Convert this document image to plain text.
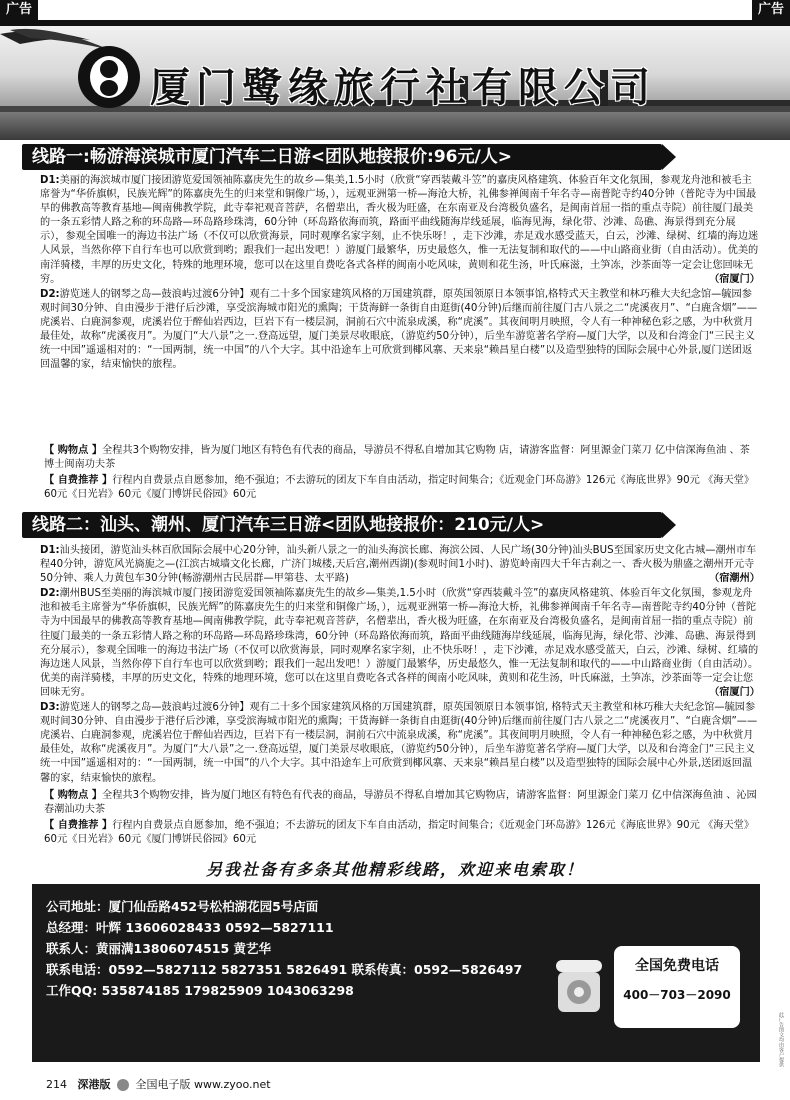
广告	广告
厦门鹭缘旅行社有限公司
线路一:畅游海滨城市厦门汽车二日游<团队地接报价:96元/人>
D1:美丽的海滨城市厦门接团游览爱国领袖陈嘉庚先生的故乡—集美,1.5小时（欣赏“穿西装戴斗笠”的嘉庚风格建筑、体验百年文化氛围，参观龙舟池和被毛主席誉为“华侨旗帜，民族光辉”的陈嘉庚先生的归来堂和铜像广场，），远观亚洲第一桥—海沧大桥，礼佛参禅闽南千年名寺—南普陀寺约40分钟（普陀寺为中国最早的佛教高等教育基地—闽南佛教学院，此寺奉祀观音菩萨，名僧辈出，香火极为旺盛，在东南亚及台湾极负盛名，是闽南首屈一指的重点寺院）前往厦门最美的一条五彩情人路之称的环岛路—环岛路珍珠湾，60分钟（环岛路依海而筑，路面平曲线随海岸线延展，临海见海，绿化带、沙滩、岛礁、海景得到充分展示），参观全国唯一的海边书法广场（不仅可以欣赏海景，同时观摩名家字刻，止不快乐呀！，走下沙滩，赤足戏水感受蓝天，白云，沙滩、绿树、红墙的海边迷人风景，当然你停下自行车也可以欣赏到哟；跟我们一起出发吧！）游厦门最繁华，历史最悠久，惟一无法复制和取代的——中山路商业街（自由活动）。优美的南洋骑楼，丰厚的历史文化，特殊的地理环境，您可以在这里自费吃各式各样的闽南小吃风味，黄则和花生汤，叶氏麻滋，土笋冻，沙茶面等一定会让您回味无穷。	（宿厦门）
D2:游览迷人的钢琴之岛—鼓浪屿过渡6分钟】观有二十多个国家建筑风格的万国建筑群，原英国领原日本领事馆,格特式天主教堂和林巧稚大夫纪念馆—毓园参观时间30分钟、自由漫步于港仔后沙滩，享受滨海城市阳光的熏陶；干货海鲜一条街自由逛街(40分钟)后继而前往厦门古八景之二“虎溪夜月”、“白鹿含烟”——虎溪岩、白鹿洞参观，虎溪岩位于醉仙岩西边，巨岩下有一楼层洞，洞前石穴中流泉成溪，称“虎溪”。其夜间明月映照，令人有一种神秘色彩之感，为中秋赏月最佳处，故称“虎溪夜月”。为厦门“大八景”之一.登高远望，厦门美景尽收眼底，（游览约50分钟），后坐车游览著名学府—厦门大学，以及和台湾金门“三民主义统一中国”遥遥相对的：“一国两制，统一中国”的八个大字。其中沿途车上可欣赏到椰风寨、天来泉“赖昌星白楼”以及造型独特的国际会展中心外景,厦门送团返回温馨的家，结束愉快的旅程。
【 购物点 】全程共3个购物安排，皆为厦门地区有特色有代表的商品，导游员不得私自增加其它购物 店，请游客监督：阿里源金门菜刀 亿中信深海鱼油 、茶博士闽南功夫茶
【 自费推荐 】行程内自费景点自愿参加，绝不强迫；不去游玩的团友下车自由活动，指定时间集合；《近观金门环岛游》126元《海底世界》90元 《海天堂》60元《日光岩》60元《厦门博饼民俗园》60元
线路二：汕头、潮州、厦门汽车三日游<团队地接报价：210元/人>
D1:汕头接团，游览汕头林百欣国际会展中心20分钟，汕头新八景之一的汕头海滨长廊、海滨公园、人民广场(30分钟)汕头BUS至国家历史文化古城—潮州市车程40分钟，游览风光旖旎之—(江滨古城墙文化长廊，广济门城楼,天后宫,潮州西湖)(参观时间1小时)、游览岭南四大千年古刹之一、香火极为鼎盛之潮州开元寺50分钟、乘人力黄包车30分钟(畅游潮州古民居群—甲第巷、太平路)	（宿潮州）
D2:潮州BUS至美丽的海滨城市厦门接团游览爱国领袖陈嘉庚先生的故乡—集美,1.5小时（欣赏“穿西装戴斗笠”的嘉庚风格建筑、体验百年文化氛围，参观龙舟池和被毛主席誉为“华侨旗帜，民族光辉”的陈嘉庚先生的归来堂和铜像广场，），远观亚洲第一桥—海沧大桥，礼佛参禅闽南千年名寺—南普陀寺约40分钟（普陀寺为中国最早的佛教高等教育基地—闽南佛教学院，此寺奉祀观音菩萨，名僧辈出，香火极为旺盛，在东南亚及台湾极负盛名，是闽南首屈一指的重点寺院）前往厦门最美的一条五彩情人路之称的环岛路—环岛路珍珠湾，60分钟（环岛路依海而筑，路面平曲线随海岸线延展，临海见海，绿化带、沙滩、岛礁、海景得到充分展示），参观全国唯一的海边书法广场（不仅可以欣赏海景，同时观摩名家字刻，止不快乐呀！，走下沙滩，赤足戏水感受蓝天，白云，沙滩、绿树、红墙的海边迷人风景，当然你停下自行车也可以欣赏到哟；跟我们一起出发吧！）游厦门最繁华，历史最悠久，惟一无法复制和取代的——中山路商业街（自由活动）。优美的南洋骑楼，丰厚的历史文化，特殊的地理环境，您可以在这里自费吃各式各样的闽南小吃风味，黄则和花生汤，叶氏麻滋，土笋冻，沙茶面等一定会让您回味无穷。	（宿厦门）
D3:游览迷人的钢琴之岛—鼓浪屿过渡6分钟】观有二十多个国家建筑风格的万国建筑群，原英国领原日本领事馆, 格特式天主教堂和林巧稚大夫纪念馆—毓园参观时间30分钟、自由漫步于港仔后沙滩，享受滨海城市阳光的熏陶；干货海鲜一条街自由逛街(40分钟)后继而前往厦门古八景之二“虎溪夜月”、“白鹿含烟”——虎溪岩、白鹿洞参观，虎溪岩位于醉仙岩西边，巨岩下有一楼层洞，洞前石穴中流泉成溪，称“虎溪”。其夜间明月映照，令人有一种神秘色彩之感，为中秋赏月最佳处，故称“虎溪夜月”。为厦门“大八景”之一.登高远望，厦门美景尽收眼底，（游览约50分钟），后坐车游览著名学府—厦门大学，以及和台湾金门“三民主义统一中国”遥遥相对的：“一国两制，统一中国”的八个大字。其中沿途车上可欣赏到椰风寨、天来泉“赖昌星白楼”以及造型独特的国际会展中心外景,送团返回温馨的家，结束愉快的旅程。
【 购物点 】全程共3个购物安排，皆为厦门地区有特色有代表的商品，导游员不得私自增加其它购物店，请游客监督：阿里源金门菜刀 亿中信深海鱼油 、沁园春潮汕功夫茶
【 自费推荐 】行程内自费景点自愿参加，绝不强迫；不去游玩的团友下车自由活动，指定时间集合；《近观金门环岛游》126元《海底世界》90元 《海天堂》60元《日光岩》60元《厦门博饼民俗园》60元
另我社备有多条其他精彩线路，欢迎来电索取！
公司地址：厦门仙岳路452号松柏湖花园5号店面
总经理：叶辉 13606028433 0592—5827111
联系人：黄丽满13806074515 黄艺华
联系电话：0592—5827112 5827351 5826491 联系传真：0592—5826497
工作QQ: 535874185 179825909 1043063298
全国免费电话
400－703－2090
此广告图文均由客户提供
214 深港版 全国电子版 www.zyoo.net
